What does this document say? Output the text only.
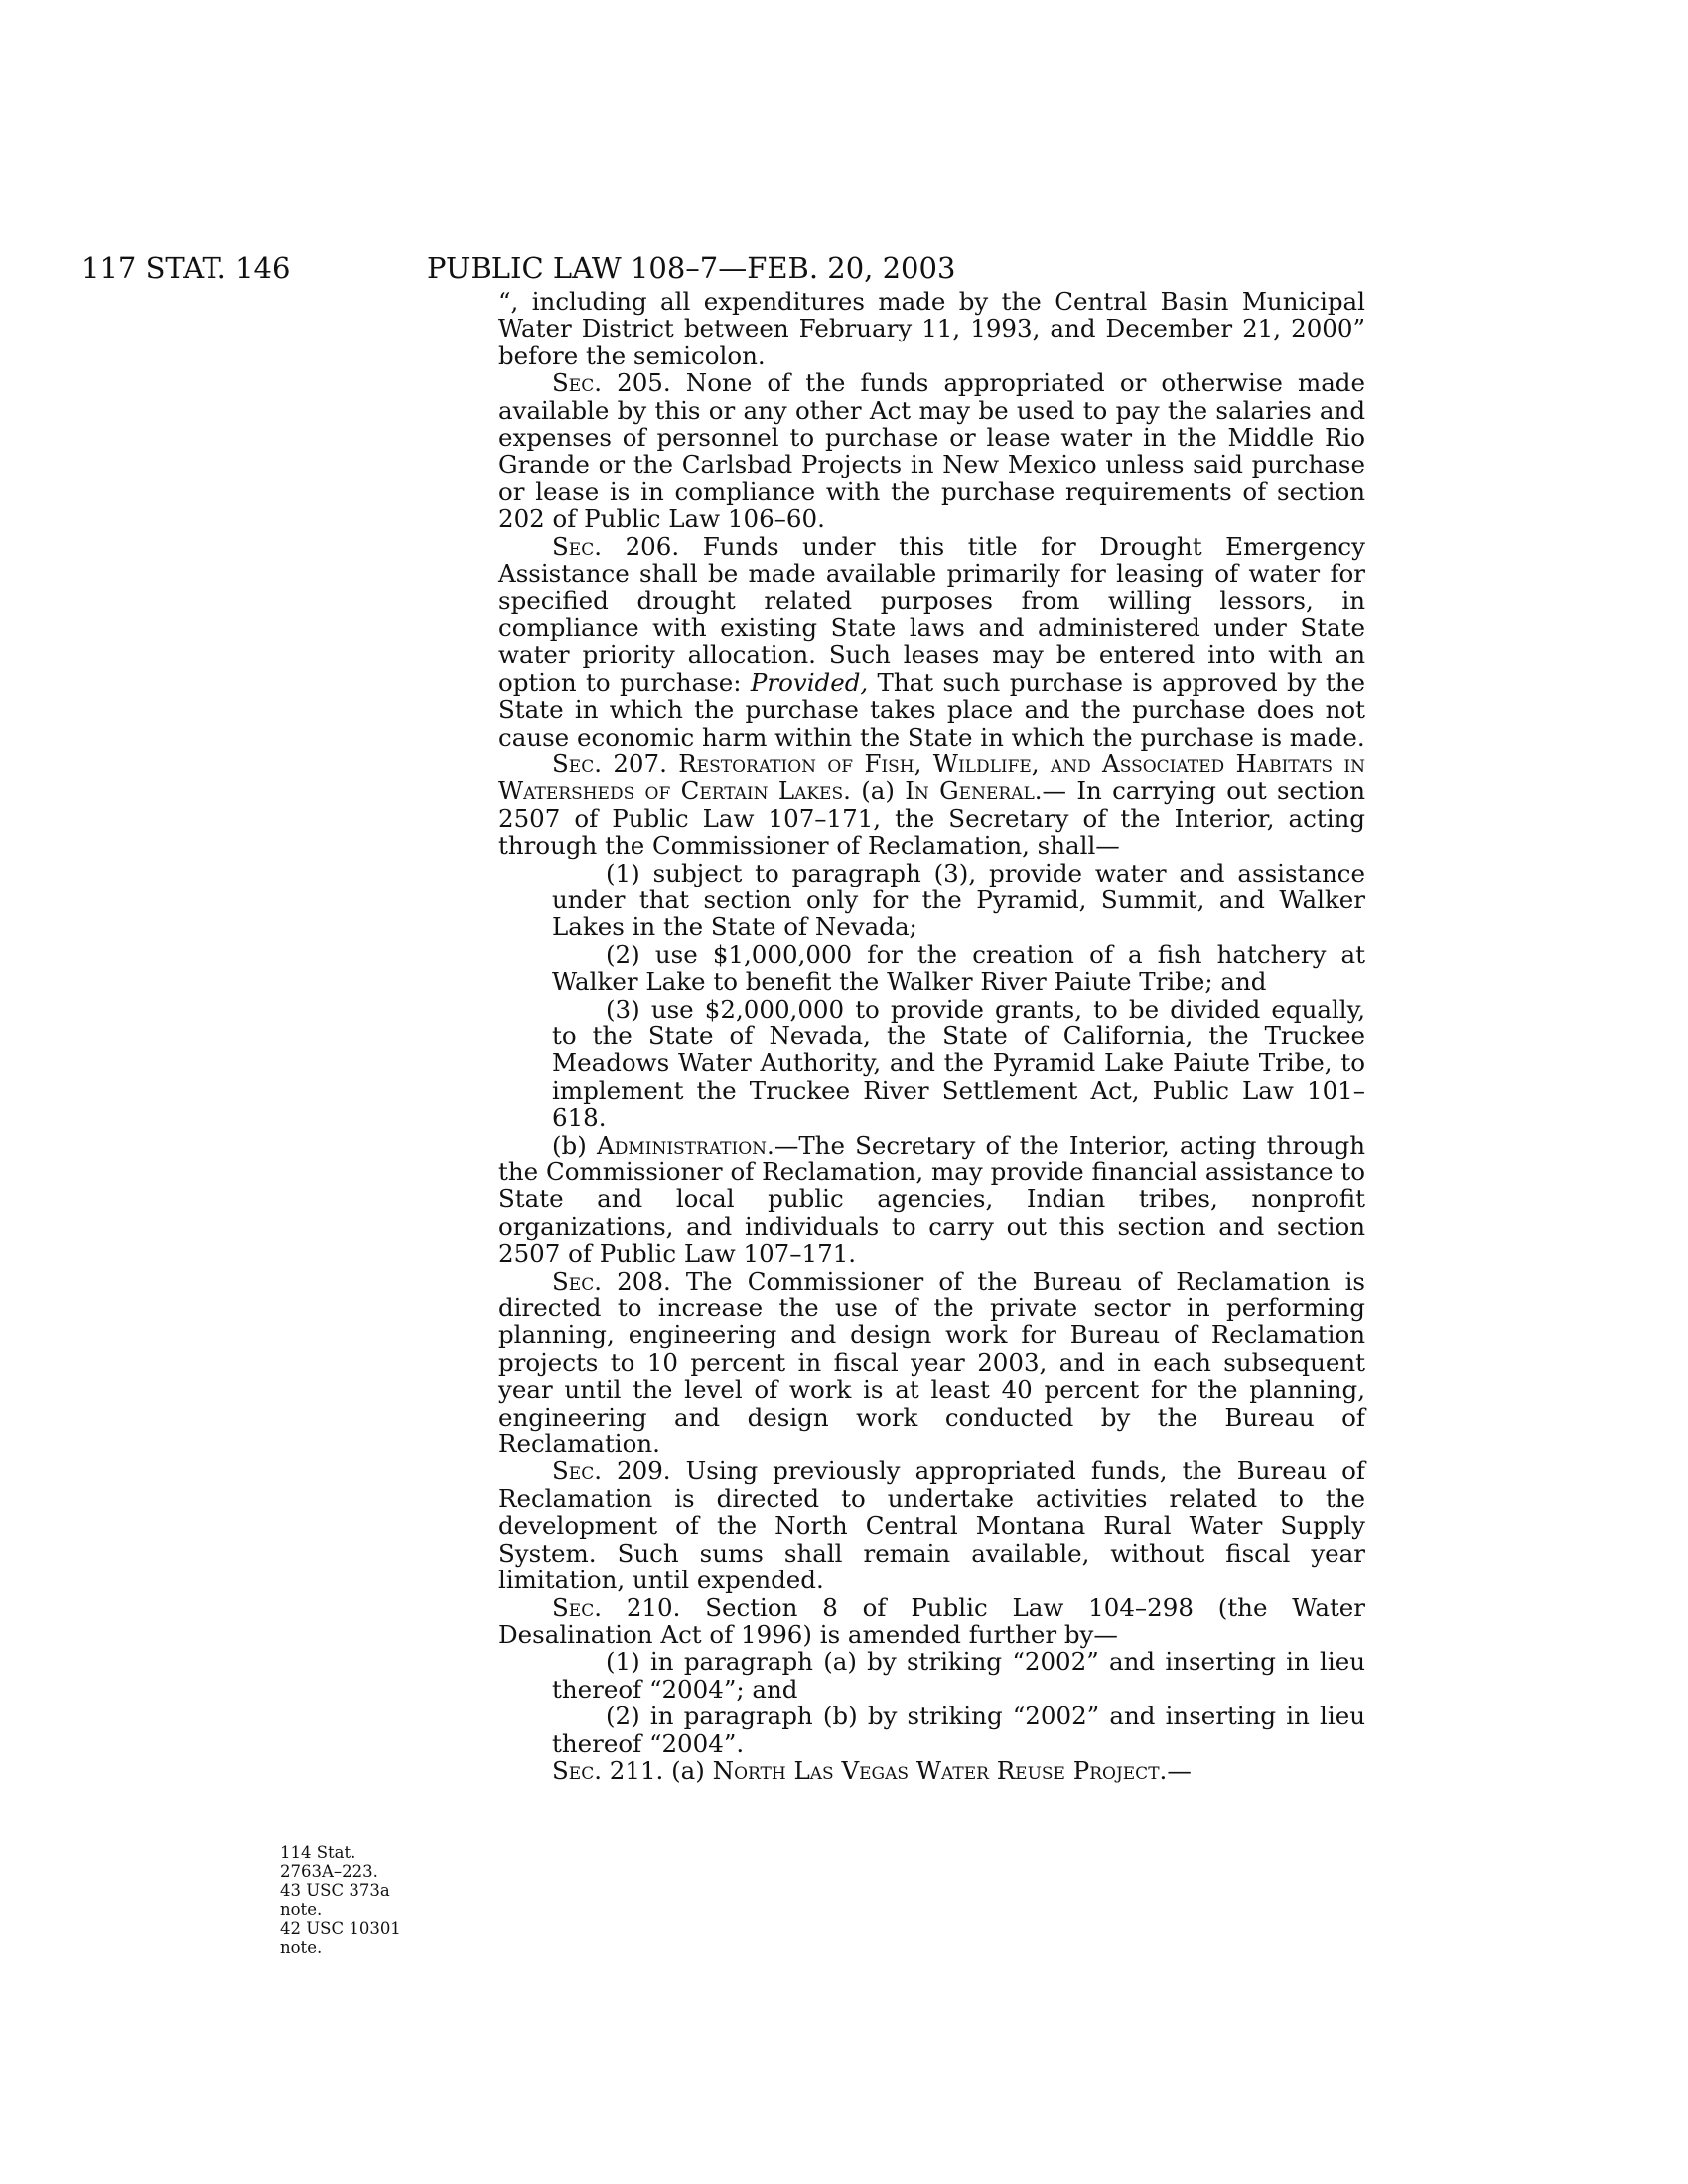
117 STAT. 146	PUBLIC LAW 108–7—FEB. 20, 2003

“, including all expenditures made by the Central Basin Municipal Water District between February 11, 1993, and December 21, 2000” before the semicolon.

Sec. 205. None of the funds appropriated or otherwise made available by this or any other Act may be used to pay the salaries and expenses of personnel to purchase or lease water in the Middle Rio Grande or the Carlsbad Projects in New Mexico unless said purchase or lease is in compliance with the purchase requirements of section 202 of Public Law 106–60.

Sec. 206. Funds under this title for Drought Emergency Assistance shall be made available primarily for leasing of water for specified drought related purposes from willing lessors, in compliance with existing State laws and administered under State water priority allocation. Such leases may be entered into with an option to purchase: Provided, That such purchase is approved by the State in which the purchase takes place and the purchase does not cause economic harm within the State in which the purchase is made.

Sec. 207. Restoration of Fish, Wildlife, and Associated Habitats in Watersheds of Certain Lakes. (a) In General.— In carrying out section 2507 of Public Law 107–171, the Secretary of the Interior, acting through the Commissioner of Reclamation, shall—

(1) subject to paragraph (3), provide water and assistance under that section only for the Pyramid, Summit, and Walker Lakes in the State of Nevada;

(2) use $1,000,000 for the creation of a fish hatchery at Walker Lake to benefit the Walker River Paiute Tribe; and

(3) use $2,000,000 to provide grants, to be divided equally, to the State of Nevada, the State of California, the Truckee Meadows Water Authority, and the Pyramid Lake Paiute Tribe, to implement the Truckee River Settlement Act, Public Law 101–618.

(b) Administration.—The Secretary of the Interior, acting through the Commissioner of Reclamation, may provide financial assistance to State and local public agencies, Indian tribes, nonprofit organizations, and individuals to carry out this section and section 2507 of Public Law 107–171.

Sec. 208. The Commissioner of the Bureau of Reclamation is directed to increase the use of the private sector in performing planning, engineering and design work for Bureau of Reclamation projects to 10 percent in fiscal year 2003, and in each subsequent year until the level of work is at least 40 percent for the planning, engineering and design work conducted by the Bureau of Reclamation.

Sec. 209. Using previously appropriated funds, the Bureau of Reclamation is directed to undertake activities related to the development of the North Central Montana Rural Water Supply System. Such sums shall remain available, without fiscal year limitation, until expended.

Sec. 210. Section 8 of Public Law 104–298 (the Water Desalination Act of 1996) is amended further by—

(1) in paragraph (a) by striking “2002” and inserting in lieu thereof “2004”; and

(2) in paragraph (b) by striking “2002” and inserting in lieu thereof “2004”.

Sec. 211. (a) North Las Vegas Water Reuse Project.—

114 Stat.
2763A–223.
43 USC 373a
note.
42 USC 10301
note.
